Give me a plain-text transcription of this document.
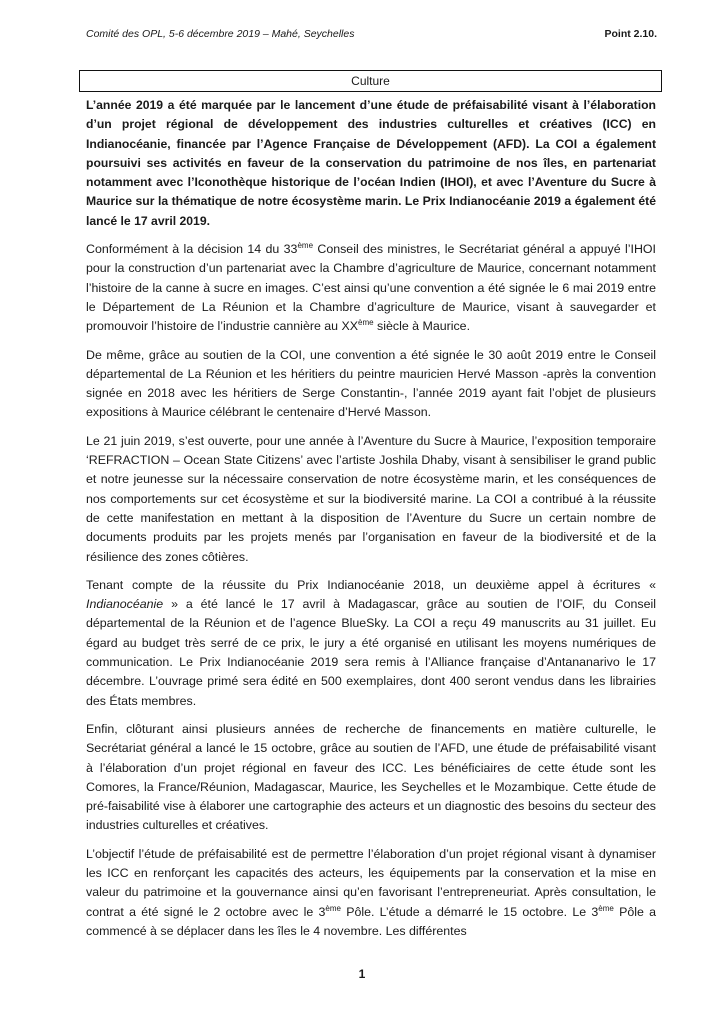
Comité des OPL, 5-6 décembre 2019 – Mahé, Seychelles	Point 2.10.
Culture

L’année 2019 a été marquée par le lancement d’une étude de préfaisabilité visant à l’élaboration d’un projet régional de développement des industries culturelles et créatives (ICC) en Indianocéanie, financée par l’Agence Française de Développement (AFD). La COI a également poursuivi ses activités en faveur de la conservation du patrimoine de nos îles, en partenariat notamment avec l’Iconothèque historique de l’océan Indien (IHOI), et avec l’Aventure du Sucre à Maurice sur la thématique de notre écosystème marin. Le Prix Indianocéanie 2019 a également été lancé le 17 avril 2019.

Conformément à la décision 14 du 33ème Conseil des ministres, le Secrétariat général a appuyé l’IHOI pour la construction d’un partenariat avec la Chambre d’agriculture de Maurice, concernant notamment l’histoire de la canne à sucre en images. C’est ainsi qu’une convention a été signée le 6 mai 2019 entre le Département de La Réunion et la Chambre d’agriculture de Maurice, visant à sauvegarder et promouvoir l’histoire de l’industrie cannière au XXème siècle à Maurice.

De même, grâce au soutien de la COI, une convention a été signée le 30 août 2019 entre le Conseil départemental de La Réunion et les héritiers du peintre mauricien Hervé Masson -après la convention signée en 2018 avec les héritiers de Serge Constantin-, l’année 2019 ayant fait l’objet de plusieurs expositions à Maurice célébrant le centenaire d’Hervé Masson.

Le 21 juin 2019, s’est ouverte, pour une année à l’Aventure du Sucre à Maurice, l’exposition temporaire ‘REFRACTION – Ocean State Citizens’ avec l’artiste Joshila Dhaby, visant à sensibiliser le grand public et notre jeunesse sur la nécessaire conservation de notre écosystème marin, et les conséquences de nos comportements sur cet écosystème et sur la biodiversité marine. La COI a contribué à la réussite de cette manifestation en mettant à la disposition de l’Aventure du Sucre un certain nombre de documents produits par les projets menés par l’organisation en faveur de la biodiversité et de la résilience des zones côtières.

Tenant compte de la réussite du Prix Indianocéanie 2018, un deuxième appel à écritures « Indianocéanie » a été lancé le 17 avril à Madagascar, grâce au soutien de l’OIF, du Conseil départemental de la Réunion et de l’agence BlueSky. La COI a reçu 49 manuscrits au 31 juillet. Eu égard au budget très serré de ce prix, le jury a été organisé en utilisant les moyens numériques de communication. Le Prix Indianocéanie 2019 sera remis à l’Alliance française d’Antananarivo le 17 décembre. L’ouvrage primé sera édité en 500 exemplaires, dont 400 seront vendus dans les librairies des États membres.

Enfin, clôturant ainsi plusieurs années de recherche de financements en matière culturelle, le Secrétariat général a lancé le 15 octobre, grâce au soutien de l’AFD, une étude de préfaisabilité visant à l’élaboration d’un projet régional en faveur des ICC. Les bénéficiaires de cette étude sont les Comores, la France/Réunion, Madagascar, Maurice, les Seychelles et le Mozambique. Cette étude de pré-faisabilité vise à élaborer une cartographie des acteurs et un diagnostic des besoins du secteur des industries culturelles et créatives.

L’objectif l’étude de préfaisabilité est de permettre l’élaboration d’un projet régional visant à dynamiser les ICC en renforçant les capacités des acteurs, les équipements par la conservation et la mise en valeur du patrimoine et la gouvernance ainsi qu’en favorisant l’entrepreneuriat. Après consultation, le contrat a été signé le 2 octobre avec le 3ème Pôle. L’étude a démarré le 15 octobre. Le 3ème Pôle a commencé à se déplacer dans les îles le 4 novembre. Les différentes

1
